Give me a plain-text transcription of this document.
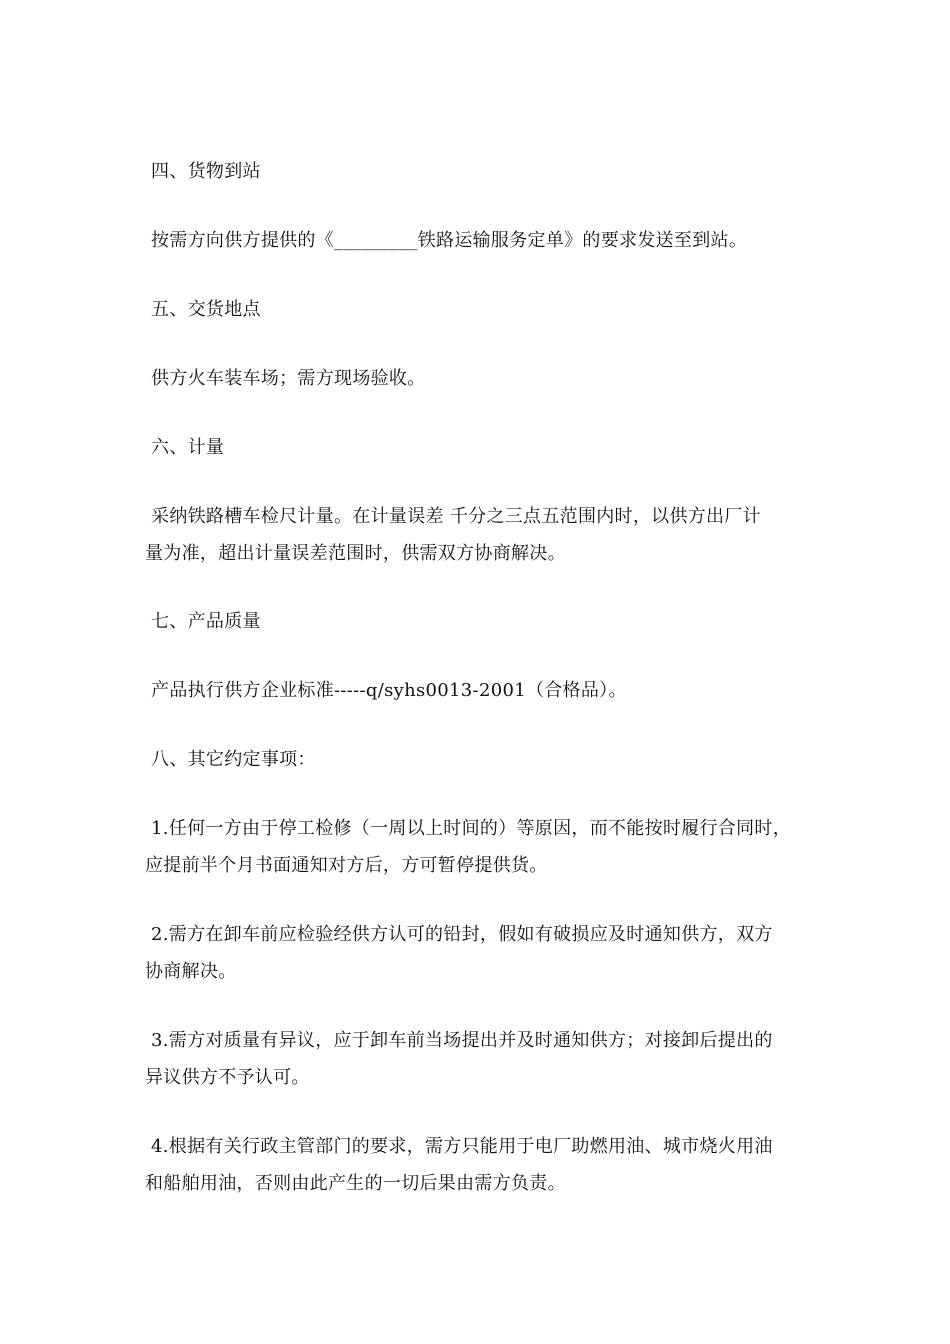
四、货物到站
按需方向供方提供的《_________铁路运输服务定单》的要求发送至到站。
五、交货地点
供方火车装车场；需方现场验收。
六、计量
采纳铁路槽车检尺计量。在计量误差 千分之三点五范围内时，以供方出厂计
量为准，超出计量误差范围时，供需双方协商解决。
七、产品质量
产品执行供方企业标准-----q/syhs0013-2001（合格品）。
八、其它约定事项：
1.任何一方由于停工检修（一周以上时间的）等原因，而不能按时履行合同时，
应提前半个月书面通知对方后，方可暂停提供货。
2.需方在卸车前应检验经供方认可的铅封，假如有破损应及时通知供方，双方
协商解决。
3.需方对质量有异议，应于卸车前当场提出并及时通知供方；对接卸后提出的
异议供方不予认可。
4.根据有关行政主管部门的要求，需方只能用于电厂助燃用油、城市烧火用油
和船舶用油，否则由此产生的一切后果由需方负责。
